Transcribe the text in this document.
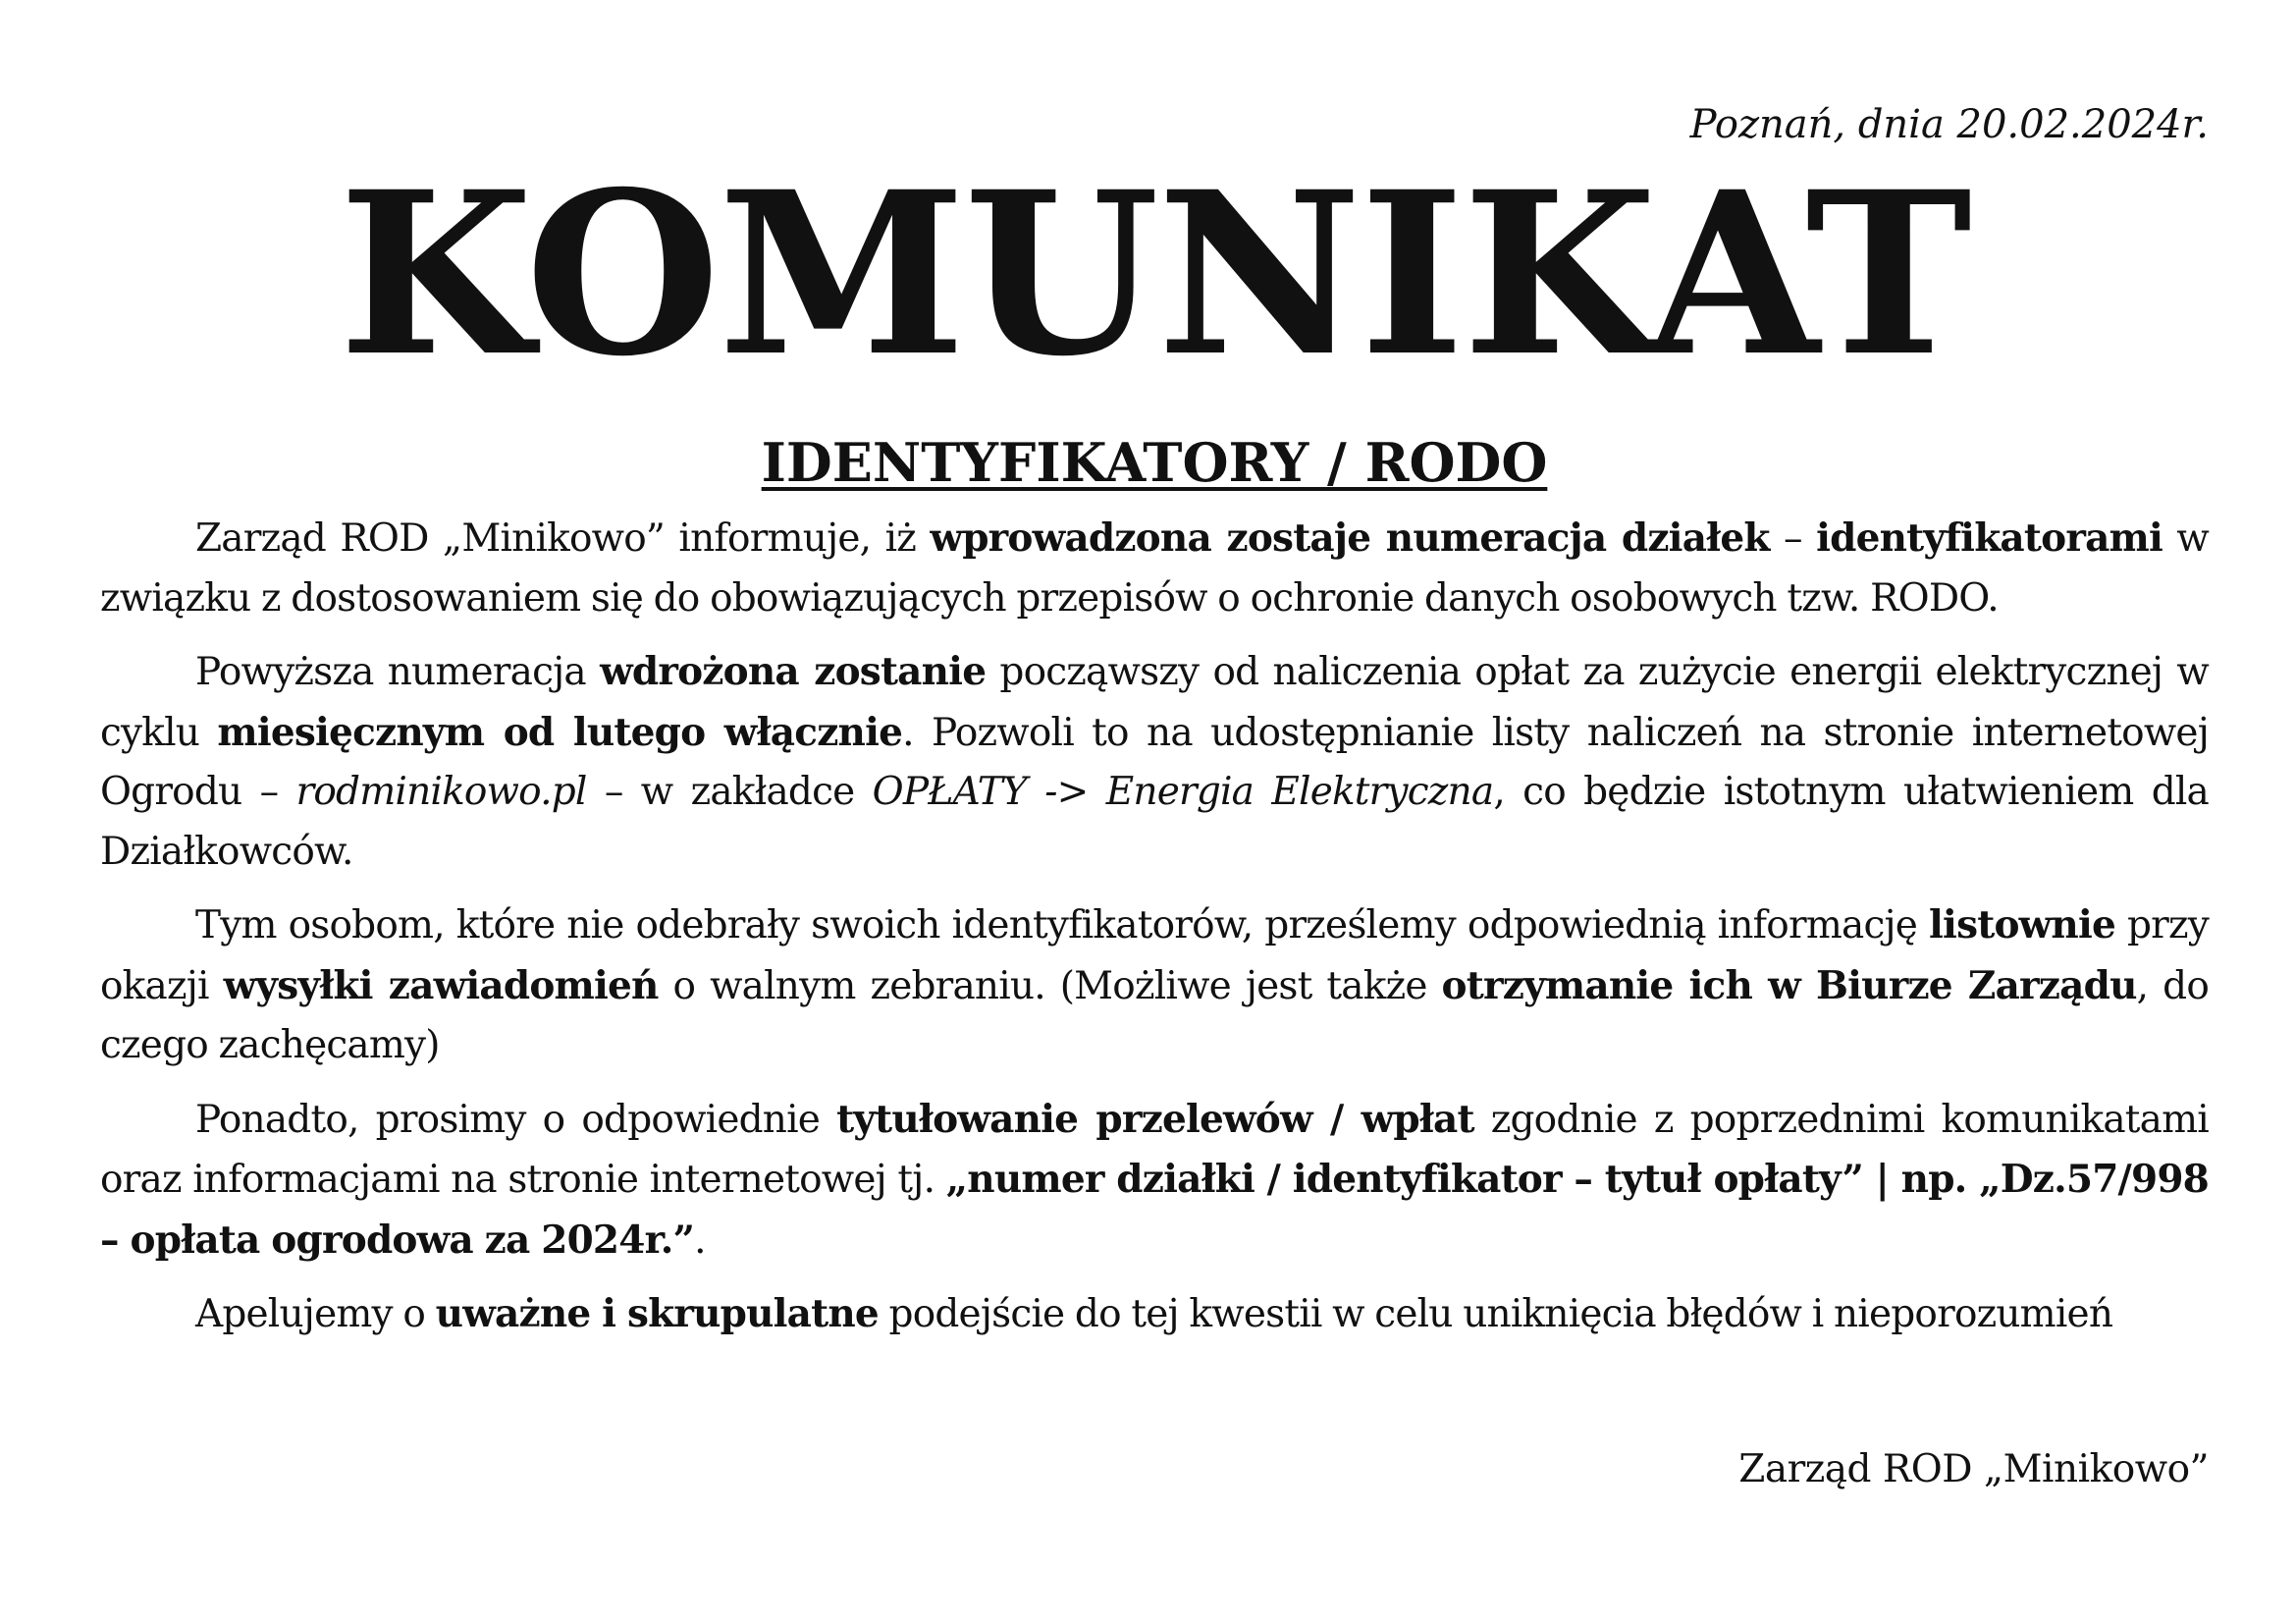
Poznań, dnia 20.02.2024r.
KOMUNIKAT
IDENTYFIKATORY / RODO

Zarząd ROD „Minikowo” informuje, iż wprowadzona zostaje numeracja działek – identyfikatorami w związku z dostosowaniem się do obowiązujących przepisów o ochronie danych osobowych tzw. RODO.

Powyższa numeracja wdrożona zostanie począwszy od naliczenia opłat za zużycie energii elektrycznej w cyklu miesięcznym od lutego włącznie. Pozwoli to na udostępnianie listy naliczeń na stronie internetowej Ogrodu – rodminikowo.pl – w zakładce OPŁATY -> Energia Elektryczna, co będzie istotnym ułatwieniem dla Działkowców.

Tym osobom, które nie odebrały swoich identyfikatorów, prześlemy odpowiednią informację listownie przy okazji wysyłki zawiadomień o walnym zebraniu. (Możliwe jest także otrzymanie ich w Biurze Zarządu, do czego zachęcamy)

Ponadto, prosimy o odpowiednie tytułowanie przelewów / wpłat zgodnie z poprzednimi komunikatami oraz informacjami na stronie internetowej tj. „numer działki / identyfikator – tytuł opłaty” | np. „Dz.57/998 – opłata ogrodowa za 2024r.”.

Apelujemy o uważne i skrupulatne podejście do tej kwestii w celu uniknięcia błędów i nieporozumień

Zarząd ROD „Minikowo”
